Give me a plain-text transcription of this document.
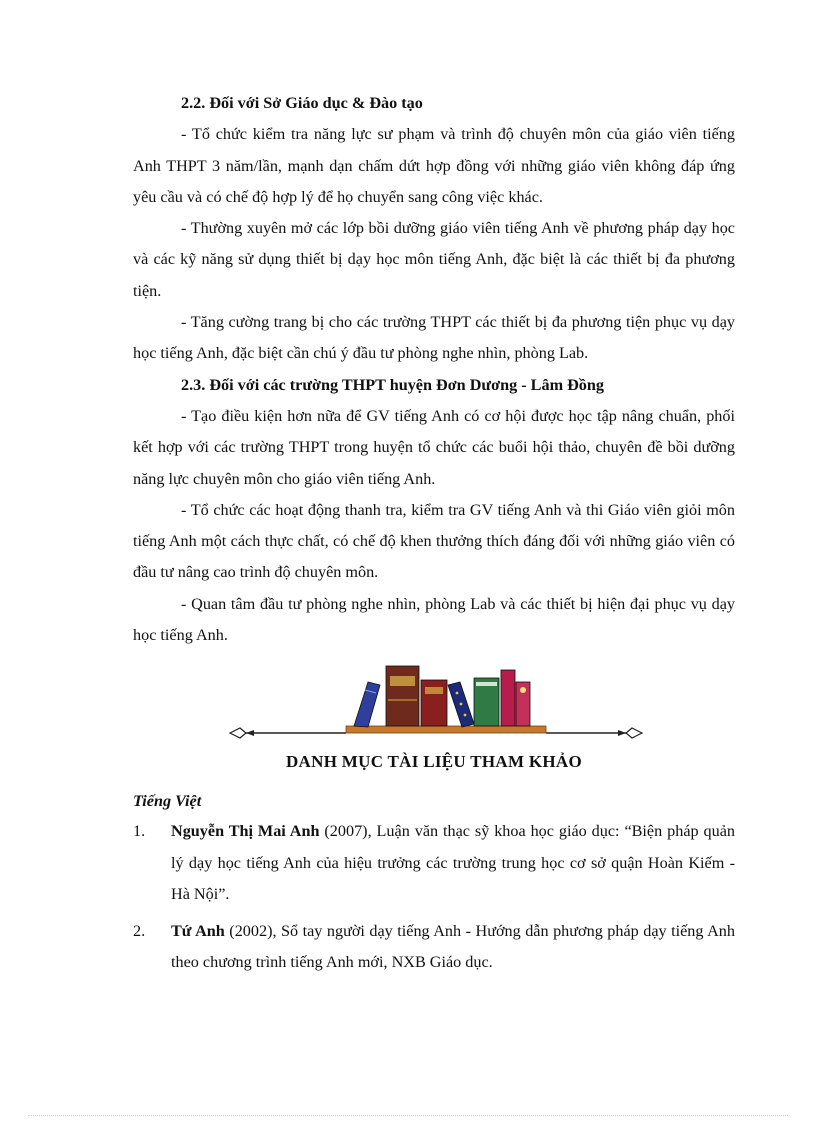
2.2. Đối với Sở Giáo dục & Đào tạo
- Tổ chức kiểm tra năng lực sư phạm và trình độ chuyên môn của giáo viên tiếng Anh THPT 3 năm/lần, mạnh dạn chấm dứt hợp đồng với những giáo viên không đáp ứng yêu cầu và có chế độ hợp lý để họ chuyển sang công việc khác.
- Thường xuyên mở các lớp bồi dưỡng giáo viên tiếng Anh về phương pháp dạy học và các kỹ năng sử dụng thiết bị dạy học môn tiếng Anh, đặc biệt là các thiết bị đa phương tiện.
- Tăng cường trang bị cho các trường THPT các thiết bị đa phương tiện phục vụ dạy học tiếng Anh, đặc biệt cần chú ý đầu tư phòng nghe nhìn, phòng Lab.
2.3. Đối với các trường THPT huyện Đơn Dương - Lâm Đồng
- Tạo điều kiện hơn nữa để GV tiếng Anh có cơ hội được học tập nâng chuẩn, phối kết hợp với các trường THPT trong huyện tổ chức các buổi hội thảo, chuyên đề bồi dưỡng năng lực chuyên môn cho giáo viên tiếng Anh.
- Tổ chức các hoạt động thanh tra, kiểm tra GV tiếng Anh và thi Giáo viên giỏi môn tiếng Anh một cách thực chất, có chế độ khen thưởng thích đáng đối với những giáo viên có đầu tư nâng cao trình độ chuyên môn.
- Quan tâm đầu tư phòng nghe nhìn, phòng Lab và các thiết bị hiện đại phục vụ dạy học tiếng Anh.
DANH MỤC TÀI LIỆU THAM KHẢO
Tiếng Việt
1.	Nguyễn Thị Mai Anh (2007), Luận văn thạc sỹ khoa học giáo dục: “Biện pháp quản lý dạy học tiếng Anh của hiệu trưởng các trường trung học cơ sở quận Hoàn Kiếm - Hà Nội”.
2.	Tứ Anh (2002), Sổ tay người dạy tiếng Anh - Hướng dẫn phương pháp dạy tiếng Anh theo chương trình tiếng Anh mới, NXB Giáo dục.
